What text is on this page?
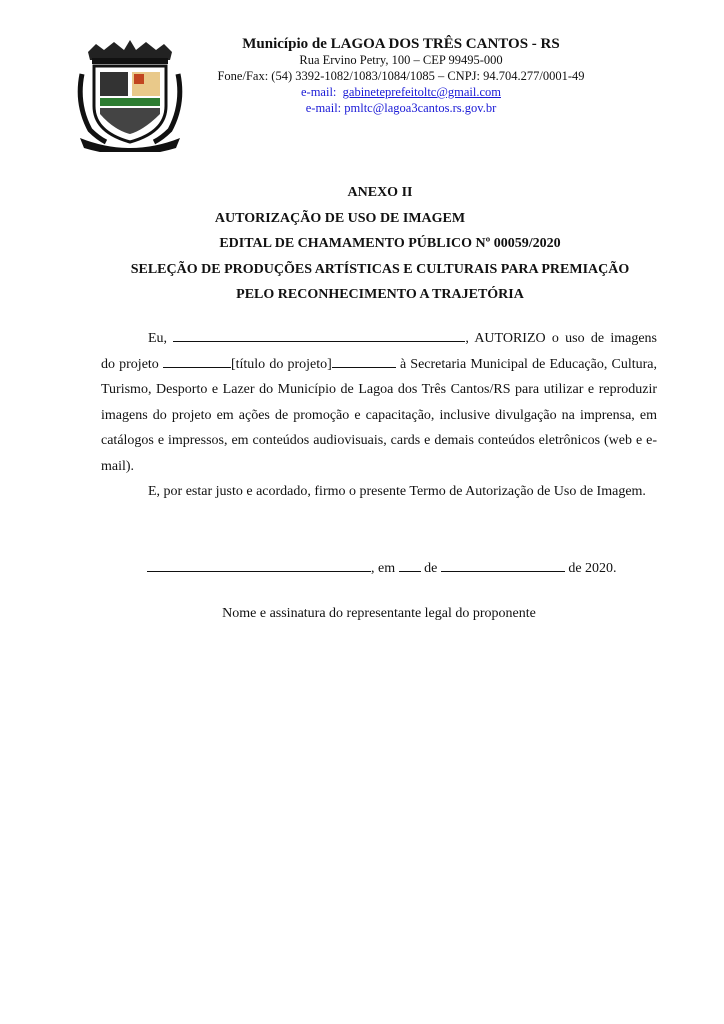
Município de LAGOA DOS TRÊS CANTOS - RS
Rua Ervino Petry, 100 – CEP 99495-000
Fone/Fax: (54) 3392-1082/1083/1084/1085 – CNPJ: 94.704.277/0001-49
e-mail: gabineteprefeitoltc@gmail.com
e-mail: pmltc@lagoa3cantos.rs.gov.br
ANEXO II
AUTORIZAÇÃO DE USO DE IMAGEM
EDITAL DE CHAMAMENTO PÚBLICO Nº 00059/2020
SELEÇÃO DE PRODUÇÕES ARTÍSTICAS E CULTURAIS PARA PREMIAÇÃO
PELO RECONHECIMENTO A TRAJETÓRIA

Eu,	, AUTORIZO o uso de imagens do projeto	[título do projeto]	à Secretaria Municipal de Educação, Cultura, Turismo, Desporto e Lazer do Município de Lagoa dos Três Cantos/RS para utilizar e reproduzir imagens do projeto em ações de promoção e capacitação, inclusive divulgação na imprensa, em catálogos e impressos, em conteúdos audiovisuais, cards e demais conteúdos eletrônicos (web e e-mail).

E, por estar justo e acordado, firmo o presente Termo de Autorização de Uso de Imagem.

, em  de	de 2020.
Nome e assinatura do representante legal do proponente
